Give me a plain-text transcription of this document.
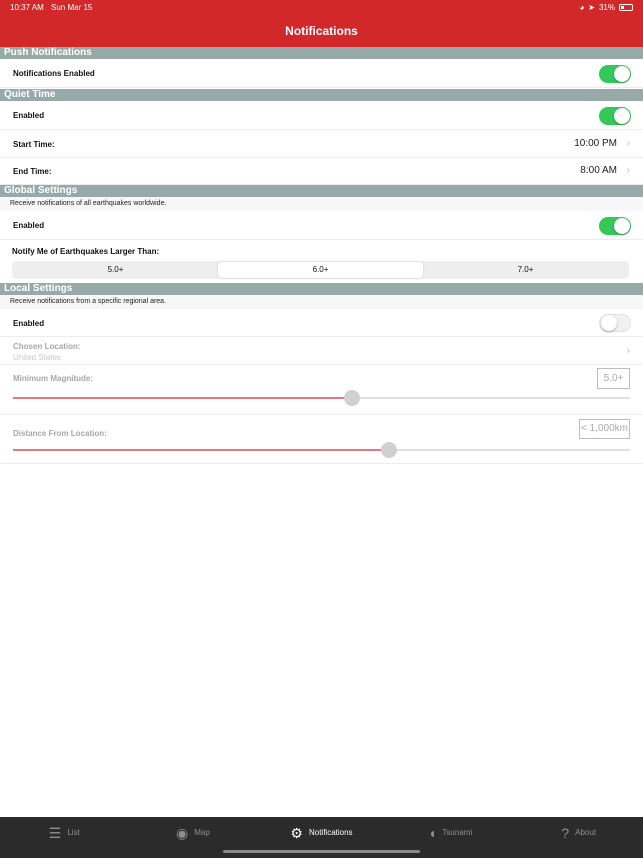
10:37 AM Sun Mar 15	◕ ➤ 31%
Notifications
Push Notifications
Notifications Enabled
Quiet Time
Enabled
Start Time:	10:00 PM ›
End Time:	8:00 AM ›
Global Settings
Receive notifications of all earthquakes worldwide.
Enabled
Notify Me of Earthquakes Larger Than:
5.0+	6.0+	7.0+
Local Settings
Receive notifications from a specific regional area.
Enabled
Chosen Location:
United States
›
Minimum Magnitude:	5.0+
Distance From Location:	< 1,000km
☰ List	◉ Map	⚙ Notifications	◖ Tsunami	? About
